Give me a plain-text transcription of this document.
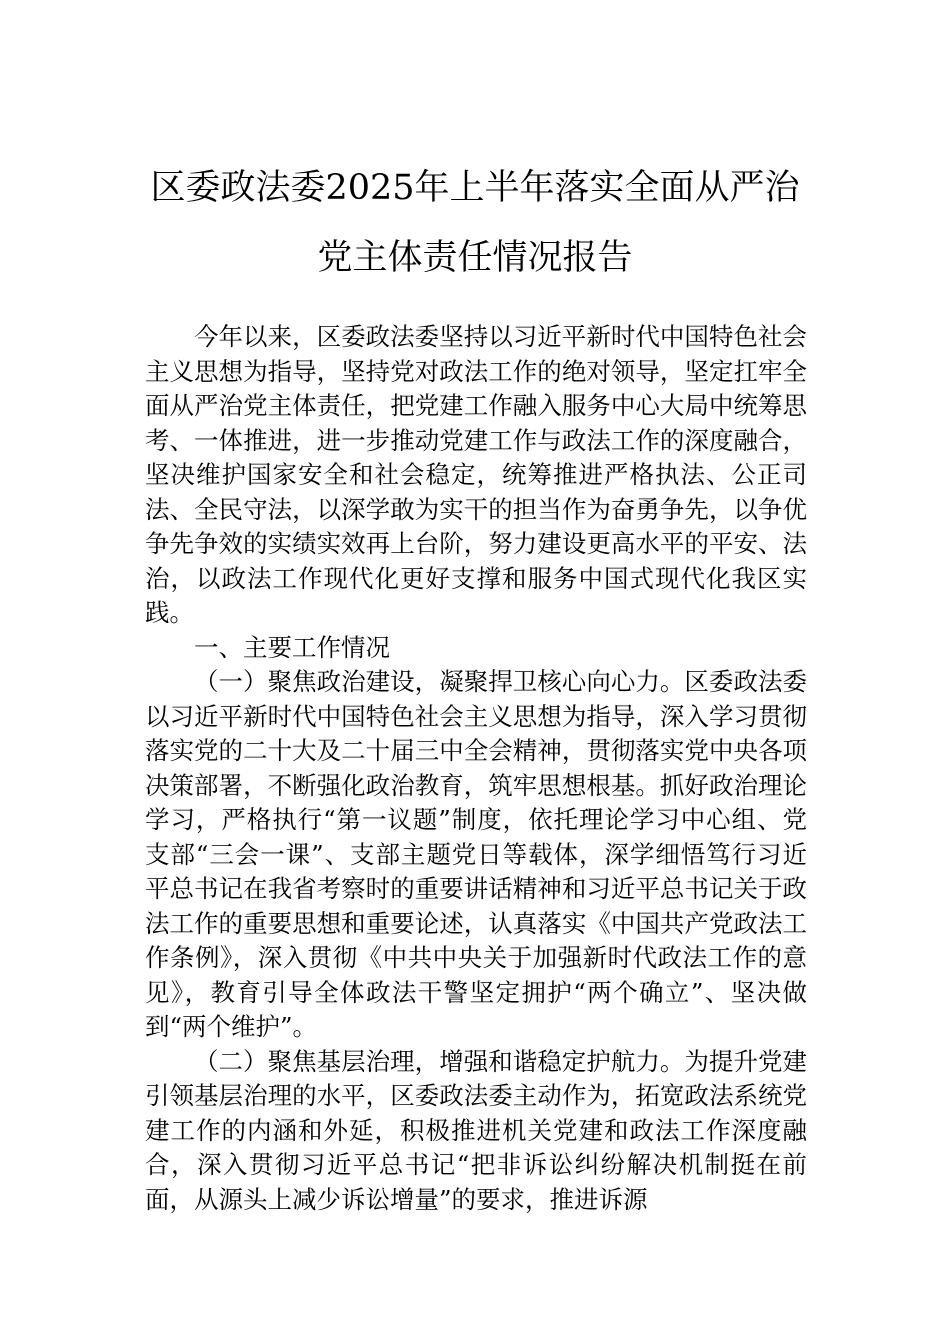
区委政法委2025年上半年落实全面从严治
党主体责任情况报告

今年以来，区委政法委坚持以习近平新时代中国特色社会主义思想为指导，坚持党对政法工作的绝对领导，坚定扛牢全面从严治党主体责任，把党建工作融入服务中心大局中统筹思考、一体推进，进一步推动党建工作与政法工作的深度融合，坚决维护国家安全和社会稳定，统筹推进严格执法、公正司法、全民守法，以深学敢为实干的担当作为奋勇争先，以争优争先争效的实绩实效再上台阶，努力建设更高水平的平安、法治，以政法工作现代化更好支撑和服务中国式现代化我区实践。

一、主要工作情况

（一）聚焦政治建设，凝聚捍卫核心向心力。区委政法委以习近平新时代中国特色社会主义思想为指导，深入学习贯彻落实党的二十大及二十届三中全会精神，贯彻落实党中央各项决策部署，不断强化政治教育，筑牢思想根基。抓好政治理论学习，严格执行“第一议题”制度，依托理论学习中心组、党支部“三会一课”、支部主题党日等载体，深学细悟笃行习近平总书记在我省考察时的重要讲话精神和习近平总书记关于政法工作的重要思想和重要论述，认真落实《中国共产党政法工作条例》，深入贯彻《中共中央关于加强新时代政法工作的意见》，教育引导全体政法干警坚定拥护“两个确立”、坚决做到“两个维护”。

（二）聚焦基层治理，增强和谐稳定护航力。为提升党建引领基层治理的水平，区委政法委主动作为，拓宽政法系统党建工作的内涵和外延，积极推进机关党建和政法工作深度融合，深入贯彻习近平总书记“把非诉讼纠纷解决机制挺在前面，从源头上减少诉讼增量”的要求，推进诉源
